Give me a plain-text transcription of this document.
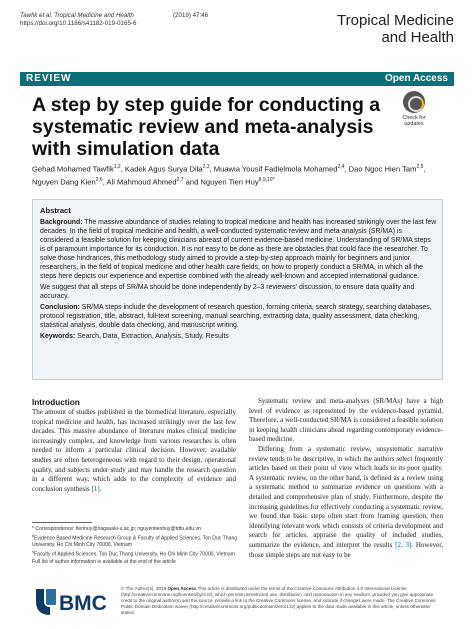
Tawfik et al. Tropical Medicine and Health	(2019) 47:46
https://doi.org/10.1186/s41182-019-0165-6	Tropical Medicine
and Health
REVIEW	Open Access
A step by step guide for conducting a systematic review and meta-analysis with simulation data
Check for
updates
Gehad Mohamed Tawfik$^{1,2}$, Kadek Agus Surya Dila$^{2,3}$, Muawia Yousif Fadlelmola Mohamed$^{2,4}$, Dao Ngoc Hien Tam$^{2,5}$, Nguyen Dang Kien$^{2,6}$, Ali Mahmoud Ahmed$^{2,7}$ and Nguyen Tien Huy$^{8,9,10*}$
Abstract

Background: The massive abundance of studies relating to tropical medicine and health has increased strikingly over the last few decades. In the field of tropical medicine and health, a well-conducted systematic review and meta-analysis (SR/MA) is considered a feasible solution for keeping clinicians abreast of current evidence-based medicine. Understanding of SR/MA steps is of paramount importance for its conduction. It is not easy to be done as there are obstacles that could face the researcher. To solve those hindrances, this methodology study aimed to provide a step-by-step approach mainly for beginners and junior researchers, in the field of tropical medicine and other health care fields, on how to properly conduct a SR/MA, in which all the steps here depicts our experience and expertise combined with the already well-known and accepted international guidance.

We suggest that all steps of SR/MA should be done independently by 2–3 reviewers' discussion, to ensure data quality and accuracy.

Conclusion: SR/MA steps include the development of research question, forming criteria, search strategy, searching databases, protocol registration, title, abstract, full-text screening, manual searching, extracting data, quality assessment, data checking, statistical analysis, double data checking, and manuscript writing.

Keywords: Search, Data, Extraction, Analysis, Study, Results

Introduction

The amount of studies published in the biomedical literature, especially tropical medicine and health, has increased strikingly over the last few decades. This massive abundance of literature makes clinical medicine increasingly complex, and knowledge from various researches is often needed to inform a particular clinical decision. However, available studies are often heterogeneous with regard to their design, operational quality, and subjects under study and may handle the research question in a different way, which adds to the complexity of evidence and conclusion synthesis [1].

Systematic review and meta-analyses (SR/MAs) have a high level of evidence as represented by the evidence-based pyramid. Therefore, a well-conducted SR/MA is considered a feasible solution in keeping health clinicians ahead regarding contemporary evidence-based medicine.

Differing from a systematic review, unsystematic narrative review tends to be descriptive, in which the authors select frequently articles based on their point of view which leads to its poor quality. A systematic review, on the other hand, is defined as a review using a systematic method to summarize evidence on questions with a detailed and comprehensive plan of study. Furthermore, despite the increasing guidelines for effectively conducting a systematic review, we found that basic steps often start from framing question, then identifying relevant work which consists of criteria development and search for articles, appraise the quality of included studies, summarize the evidence, and interpret the results [2, 3]. However, those simple steps are not easy to be

* Correspondence: tienhuy@nagasaki-u.ac.jp; nguyentienhuy@tdtu.edu.vn
$^8$Evidence Based Medicine Research Group & Faculty of Applied Sciences, Ton Duc Thang University, Ho Chi Minh City 70000, Vietnam
$^9$Faculty of Applied Sciences, Ton Duc Thang University, Ho Chi Minh City 70000, Vietnam
Full list of author information is available at the end of the article
BMC
© The Author(s). 2019 Open Access This article is distributed under the terms of the Creative Commons Attribution 4.0 International License (http://creativecommons.org/licenses/by/4.0/), which permits unrestricted use, distribution, and reproduction in any medium, provided you give appropriate credit to the original author(s) and the source, provide a link to the Creative Commons license, and indicate if changes were made. The Creative Commons Public Domain Dedication waiver (http://creativecommons.org/publicdomain/zero/1.0/) applies to the data made available in this article, unless otherwise stated.
